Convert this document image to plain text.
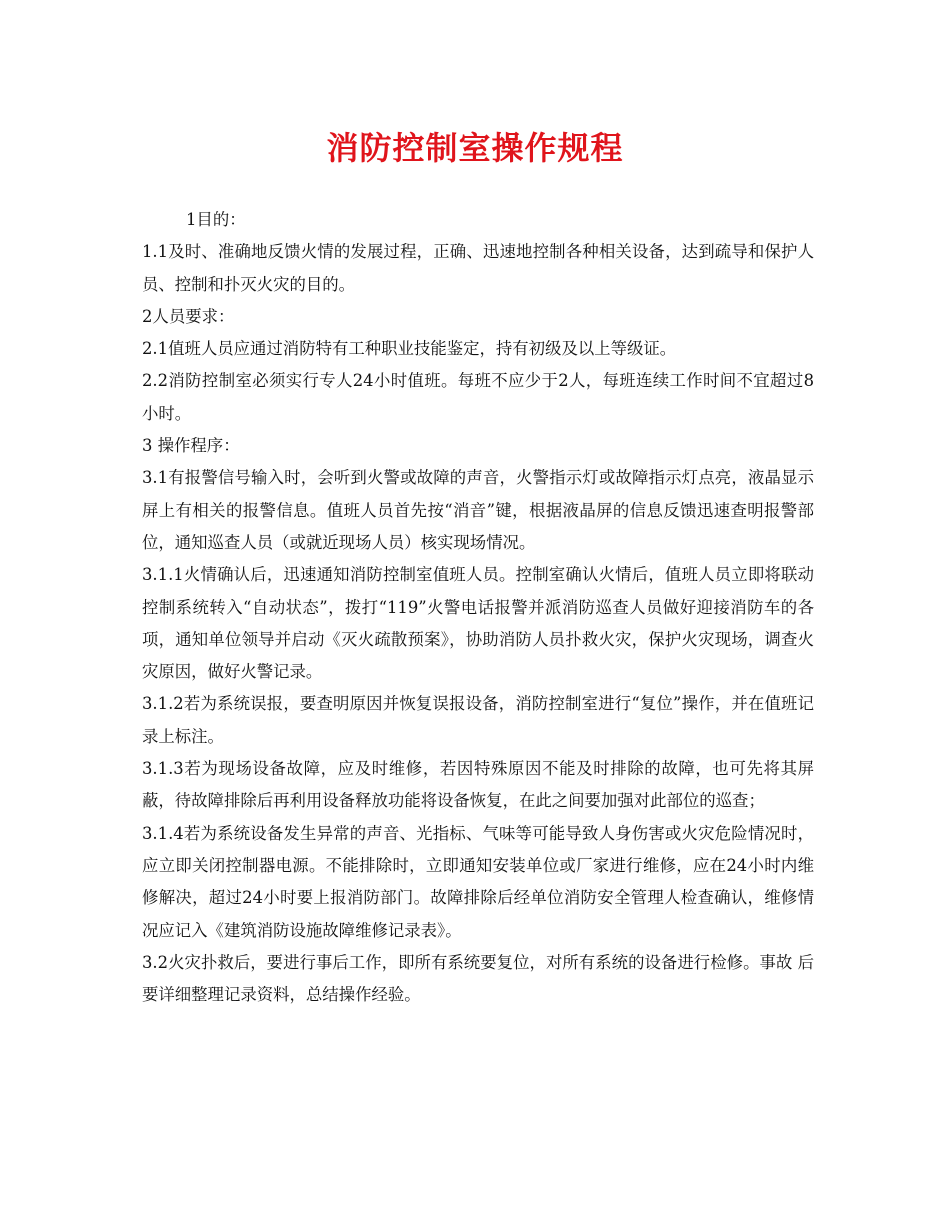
消防控制室操作规程

1目的：

1.1及时、准确地反馈火情的发展过程，正确、迅速地控制各种相关设备，达到疏导和保护人员、控制和扑灭火灾的目的。

2人员要求：

2.1值班人员应通过消防特有工种职业技能鉴定，持有初级及以上等级证。

2.2消防控制室必须实行专人24小时值班。每班不应少于2人，每班连续工作时间不宜超过8小时。

3 操作程序：

3.1有报警信号输入时，会听到火警或故障的声音，火警指示灯或故障指示灯点亮，液晶显示屏上有相关的报警信息。值班人员首先按“消音”键，根据液晶屏的信息反馈迅速查明报警部位，通知巡查人员（或就近现场人员）核实现场情况。

3.1.1火情确认后，迅速通知消防控制室值班人员。控制室确认火情后，值班人员立即将联动控制系统转入“自动状态”，拨打“119”火警电话报警并派消防巡查人员做好迎接消防车的各项，通知单位领导并启动《灭火疏散预案》，协助消防人员扑救火灾，保护火灾现场，调查火灾原因，做好火警记录。

3.1.2若为系统误报，要查明原因并恢复误报设备，消防控制室进行“复位”操作，并在值班记录上标注。

3.1.3若为现场设备故障，应及时维修，若因特殊原因不能及时排除的故障，也可先将其屏蔽，待故障排除后再利用设备释放功能将设备恢复，在此之间要加强对此部位的巡查；

3.1.4若为系统设备发生异常的声音、光指标、气味等可能导致人身伤害或火灾危险情况时，应立即关闭控制器电源。不能排除时，立即通知安装单位或厂家进行维修，应在24小时内维修解决，超过24小时要上报消防部门。故障排除后经单位消防安全管理人检查确认，维修情况应记入《建筑消防设施故障维修记录表》。

3.2火灾扑救后，要进行事后工作，即所有系统要复位，对所有系统的设备进行检修。事故 后要详细整理记录资料，总结操作经验。
